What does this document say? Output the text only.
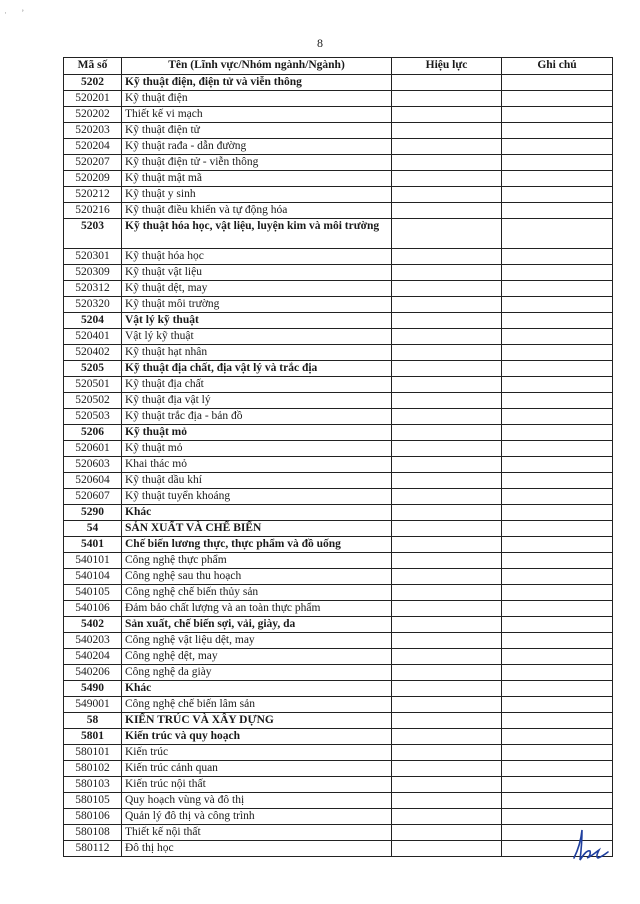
· ʼ
8
Mã số	Tên (Lĩnh vực/Nhóm ngành/Ngành)	Hiệu lực	Ghi chú
5202	Kỹ thuật điện, điện tử và viễn thông		
520201	Kỹ thuật điện		
520202	Thiết kế vi mạch		
520203	Kỹ thuật điện tử		
520204	Kỹ thuật rađa - dẫn đường		
520207	Kỹ thuật điện tử - viễn thông		
520209	Kỹ thuật mật mã		
520212	Kỹ thuật y sinh		
520216	Kỹ thuật điều khiển và tự động hóa		
5203	Kỹ thuật hóa học, vật liệu, luyện kim và môi trường		
520301	Kỹ thuật hóa học		
520309	Kỹ thuật vật liệu		
520312	Kỹ thuật dệt, may		
520320	Kỹ thuật môi trường		
5204	Vật lý kỹ thuật		
520401	Vật lý kỹ thuật		
520402	Kỹ thuật hạt nhân		
5205	Kỹ thuật địa chất, địa vật lý và trắc địa		
520501	Kỹ thuật địa chất		
520502	Kỹ thuật địa vật lý		
520503	Kỹ thuật trắc địa - bản đồ		
5206	Kỹ thuật mỏ		
520601	Kỹ thuật mỏ		
520603	Khai thác mỏ		
520604	Kỹ thuật dầu khí		
520607	Kỹ thuật tuyển khoáng		
5290	Khác		
54	SẢN XUẤT VÀ CHẾ BIẾN		
5401	Chế biến lương thực, thực phẩm và đồ uống		
540101	Công nghệ thực phẩm		
540104	Công nghệ sau thu hoạch		
540105	Công nghệ chế biến thủy sản		
540106	Đảm bảo chất lượng và an toàn thực phẩm		
5402	Sản xuất, chế biến sợi, vải, giày, da		
540203	Công nghệ vật liệu dệt, may		
540204	Công nghệ dệt, may		
540206	Công nghệ da giày		
5490	Khác		
549001	Công nghệ chế biến lâm sản		
58	KIẾN TRÚC VÀ XÂY DỰNG		
5801	Kiến trúc và quy hoạch		
580101	Kiến trúc		
580102	Kiến trúc cảnh quan		
580103	Kiến trúc nội thất		
580105	Quy hoạch vùng và đô thị		
580106	Quản lý đô thị và công trình		
580108	Thiết kế nội thất		
580112	Đô thị học		
